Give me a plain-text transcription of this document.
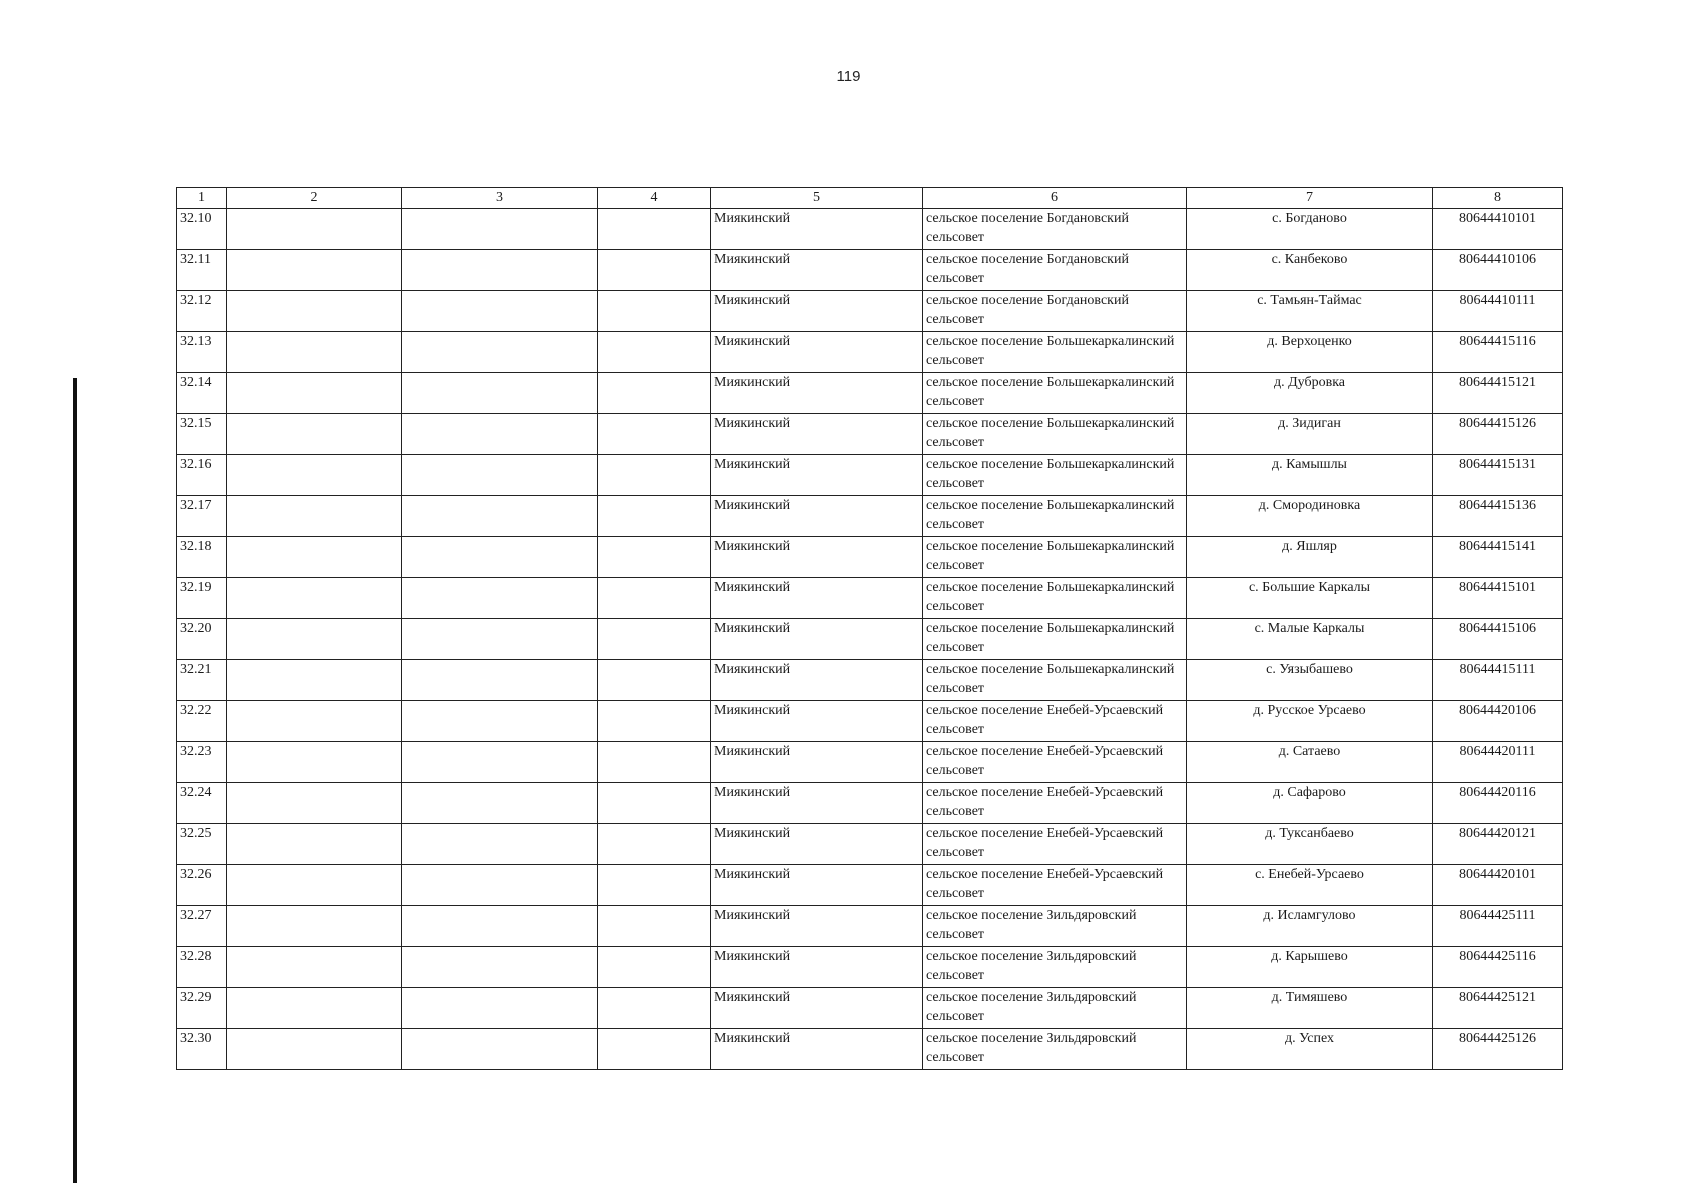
119
1	2	3	4	5	6	7	8
32.10				Миякинский	сельское поселение Богдановский сельсовет	с. Богданово	80644410101
32.11				Миякинский	сельское поселение Богдановский сельсовет	с. Канбеково	80644410106
32.12				Миякинский	сельское поселение Богдановский сельсовет	с. Тамьян-Таймас	80644410111
32.13				Миякинский	сельское поселение Большекаркалинский сельсовет	д. Верхоценко	80644415116
32.14				Миякинский	сельское поселение Большекаркалинский сельсовет	д. Дубровка	80644415121
32.15				Миякинский	сельское поселение Большекаркалинский сельсовет	д. Зидиган	80644415126
32.16				Миякинский	сельское поселение Большекаркалинский сельсовет	д. Камышлы	80644415131
32.17				Миякинский	сельское поселение Большекаркалинский сельсовет	д. Смородиновка	80644415136
32.18				Миякинский	сельское поселение Большекаркалинский сельсовет	д. Яшляр	80644415141
32.19				Миякинский	сельское поселение Большекаркалинский сельсовет	с. Большие Каркалы	80644415101
32.20				Миякинский	сельское поселение Большекаркалинский сельсовет	с. Малые Каркалы	80644415106
32.21				Миякинский	сельское поселение Большекаркалинский сельсовет	с. Уязыбашево	80644415111
32.22				Миякинский	сельское поселение Енебей-Урсаевский сельсовет	д. Русское Урсаево	80644420106
32.23				Миякинский	сельское поселение Енебей-Урсаевский сельсовет	д. Сатаево	80644420111
32.24				Миякинский	сельское поселение Енебей-Урсаевский сельсовет	д. Сафарово	80644420116
32.25				Миякинский	сельское поселение Енебей-Урсаевский сельсовет	д. Туксанбаево	80644420121
32.26				Миякинский	сельское поселение Енебей-Урсаевский сельсовет	с. Енебей-Урсаево	80644420101
32.27				Миякинский	сельское поселение Зильдяровский сельсовет	д. Исламгулово	80644425111
32.28				Миякинский	сельское поселение Зильдяровский сельсовет	д. Карышево	80644425116
32.29				Миякинский	сельское поселение Зильдяровский сельсовет	д. Тимяшево	80644425121
32.30				Миякинский	сельское поселение Зильдяровский сельсовет	д. Успех	80644425126
